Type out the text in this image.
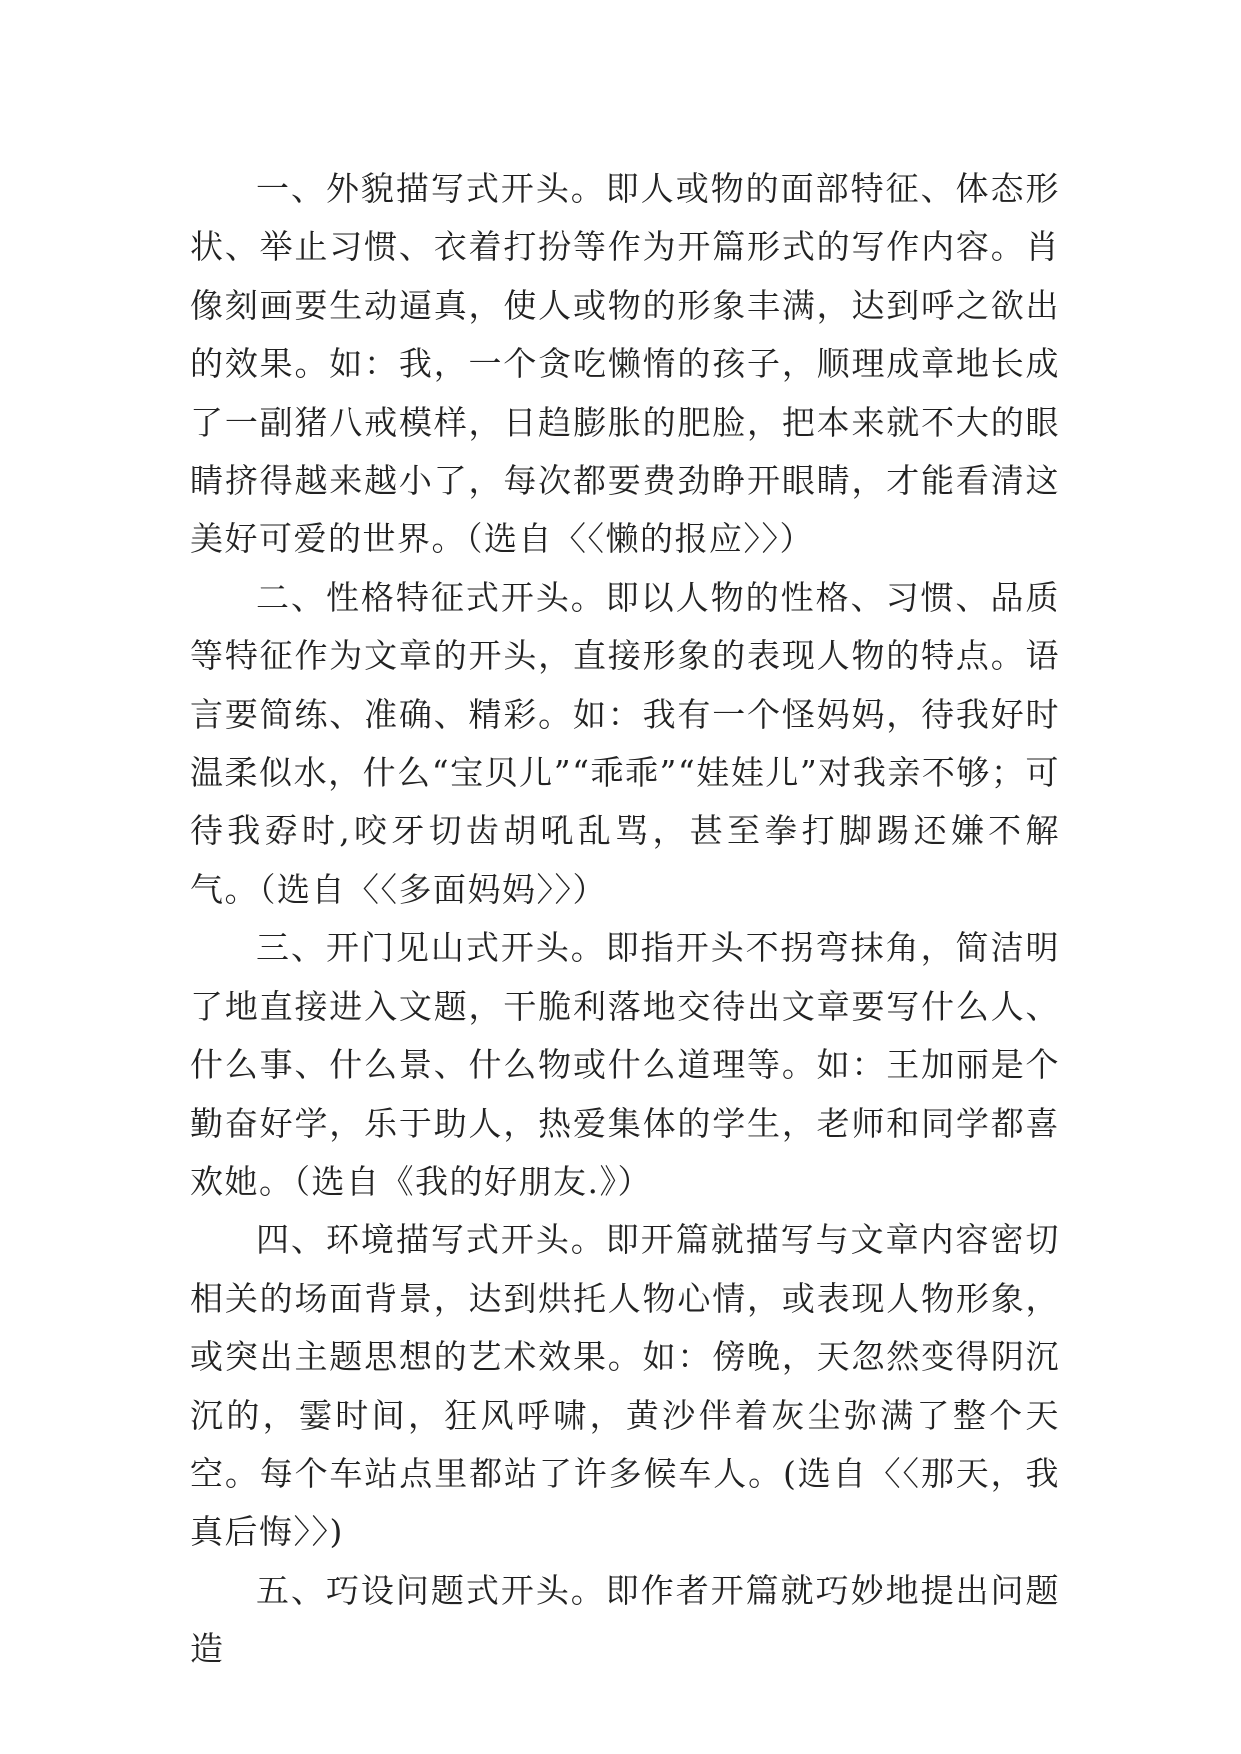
一、外貌描写式开头。即人或物的面部特征、体态形状、举止习惯、衣着打扮等作为开篇形式的写作内容。肖像刻画要生动逼真，使人或物的形象丰满，达到呼之欲出的效果。如：我，一个贪吃懒惰的孩子，顺理成章地长成了一副猪八戒模样，日趋膨胀的肥脸，把本来就不大的眼睛挤得越来越小了，每次都要费劲睁开眼睛，才能看清这美好可爱的世界。（选自〈〈懒的报应〉〉）

二、性格特征式开头。即以人物的性格、习惯、品质等特征作为文章的开头，直接形象的表现人物的特点。语言要简练、准确、精彩。如：我有一个怪妈妈，待我好时温柔似水，什么“宝贝儿”“乖乖”“娃娃儿”对我亲不够；可待我孬时,咬牙切齿胡吼乱骂，甚至拳打脚踢还嫌不解气。（选自〈〈多面妈妈〉〉）

三、开门见山式开头。即指开头不拐弯抹角，简洁明了地直接进入文题，干脆利落地交待出文章要写什么人、什么事、什么景、什么物或什么道理等。如：王加丽是个勤奋好学，乐于助人，热爱集体的学生，老师和同学都喜欢她。（选自《我的好朋友.》）

四、环境描写式开头。即开篇就描写与文章内容密切相关的场面背景，达到烘托人物心情，或表现人物形象，或突出主题思想的艺术效果。如：傍晚，天忽然变得阴沉沉的，霎时间，狂风呼啸，黄沙伴着灰尘弥满了整个天空。每个车站点里都站了许多候车人。(选自〈〈那天，我真后悔〉〉)

五、巧设问题式开头。即作者开篇就巧妙地提出问题造
